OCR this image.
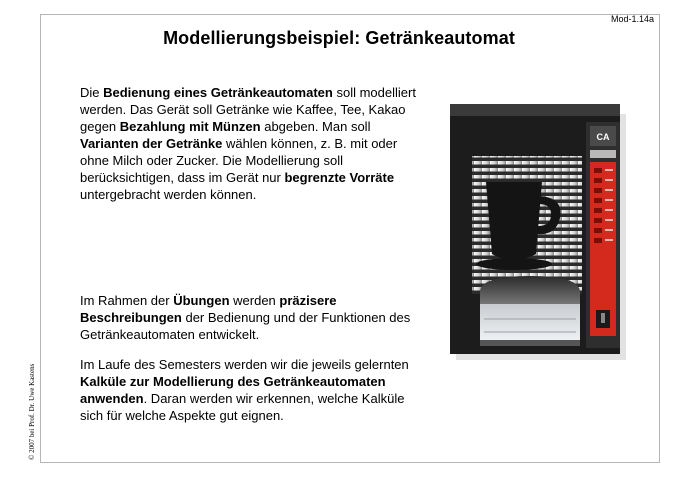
Mod-1.14a
Modellierungsbeispiel: Getränkeautomat
Die Bedienung eines Getränkeautomaten soll modelliert werden. Das Gerät soll Getränke wie Kaffee, Tee, Kakao gegen Bezahlung mit Münzen abgeben. Man soll Varianten der Getränke wählen können, z. B. mit oder ohne Milch oder Zucker. Die Modellierung soll berücksichtigen, dass im Gerät nur begrenzte Vorräte untergebracht werden können.
Im Rahmen der Übungen werden präzisere Beschreibungen der Bedienung und der Funktionen des Getränkeautomaten entwickelt.
Im Laufe des Semesters werden wir die jeweils gelernten Kalküle zur Modellierung des Getränkeautomaten anwenden. Daran werden wir erkennen, welche Kalküle sich für welche Aspekte gut eignen.
© 2007 bei Prof. Dr. Uwe Kastens
CA
